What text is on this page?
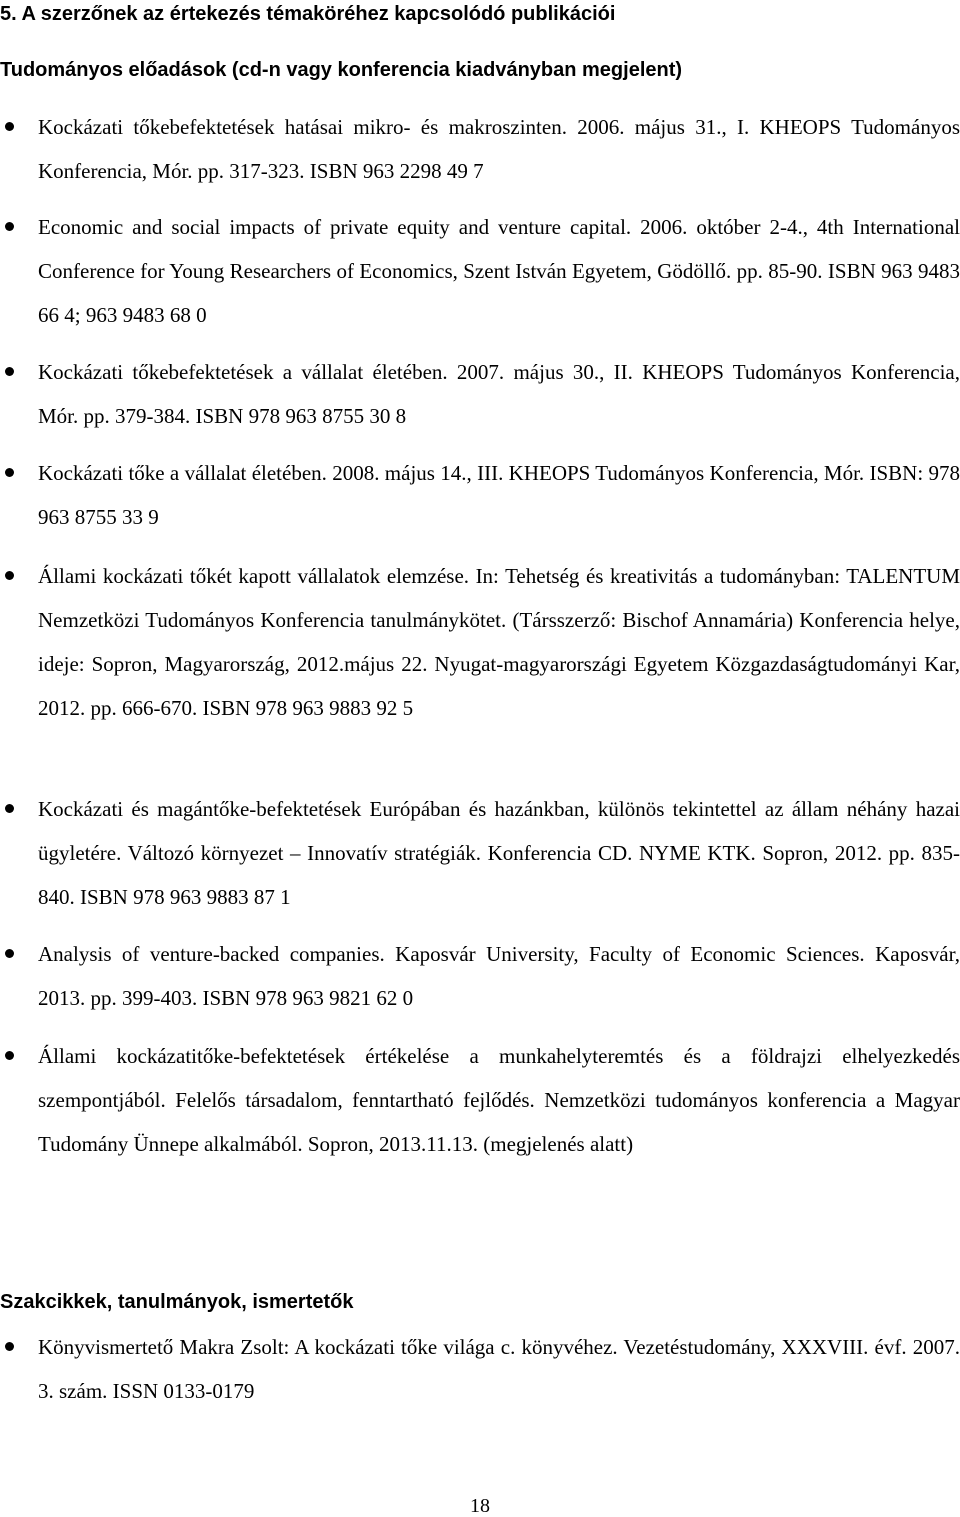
5. A szerzőnek az értekezés témaköréhez kapcsolódó publikációi
Tudományos előadások (cd-n vagy konferencia kiadványban megjelent)
Kockázati tőkebefektetések hatásai mikro- és makroszinten. 2006. május 31., I. KHEOPS Tudományos Konferencia, Mór. pp. 317-323. ISBN 963 2298 49 7
Economic and social impacts of private equity and venture capital. 2006. október 2-4., 4th International Conference for Young Researchers of Economics, Szent István Egyetem, Gödöllő. pp. 85-90. ISBN 963 9483 66 4; 963 9483 68 0
Kockázati tőkebefektetések a vállalat életében. 2007. május 30., II. KHEOPS Tudományos Konferencia, Mór. pp. 379-384. ISBN 978 963 8755 30 8
Kockázati tőke a vállalat életében. 2008. május 14., III. KHEOPS Tudományos Konferencia, Mór. ISBN: 978 963 8755 33 9
Állami kockázati tőkét kapott vállalatok elemzése. In: Tehetség és kreativitás a tudományban: TALENTUM Nemzetközi Tudományos Konferencia tanulmánykötet. (Társszerző: Bischof Annamária) Konferencia helye, ideje: Sopron, Magyarország, 2012.május 22. Nyugat-magyarországi Egyetem Közgazdaságtudományi Kar, 2012. pp. 666-670. ISBN 978 963 9883 92 5
Kockázati és magántőke-befektetések Európában és hazánkban, különös tekintettel az állam néhány hazai ügyletére. Változó környezet – Innovatív stratégiák. Konferencia CD. NYME KTK. Sopron, 2012. pp. 835-840. ISBN 978 963 9883 87 1
Analysis of venture-backed companies. Kaposvár University, Faculty of Economic Sciences. Kaposvár, 2013. pp. 399-403. ISBN 978 963 9821 62 0
Állami kockázatitőke-befektetések értékelése a munkahelyteremtés és a földrajzi elhelyezkedés szempontjából. Felelős társadalom, fenntartható fejlődés. Nemzetközi tudományos konferencia a Magyar Tudomány Ünnepe alkalmából. Sopron, 2013.11.13. (megjelenés alatt)
Szakcikkek, tanulmányok, ismertetők
Könyvismertető Makra Zsolt: A kockázati tőke világa c. könyvéhez. Vezetéstudomány, XXXVIII. évf. 2007. 3. szám. ISSN 0133-0179
18
